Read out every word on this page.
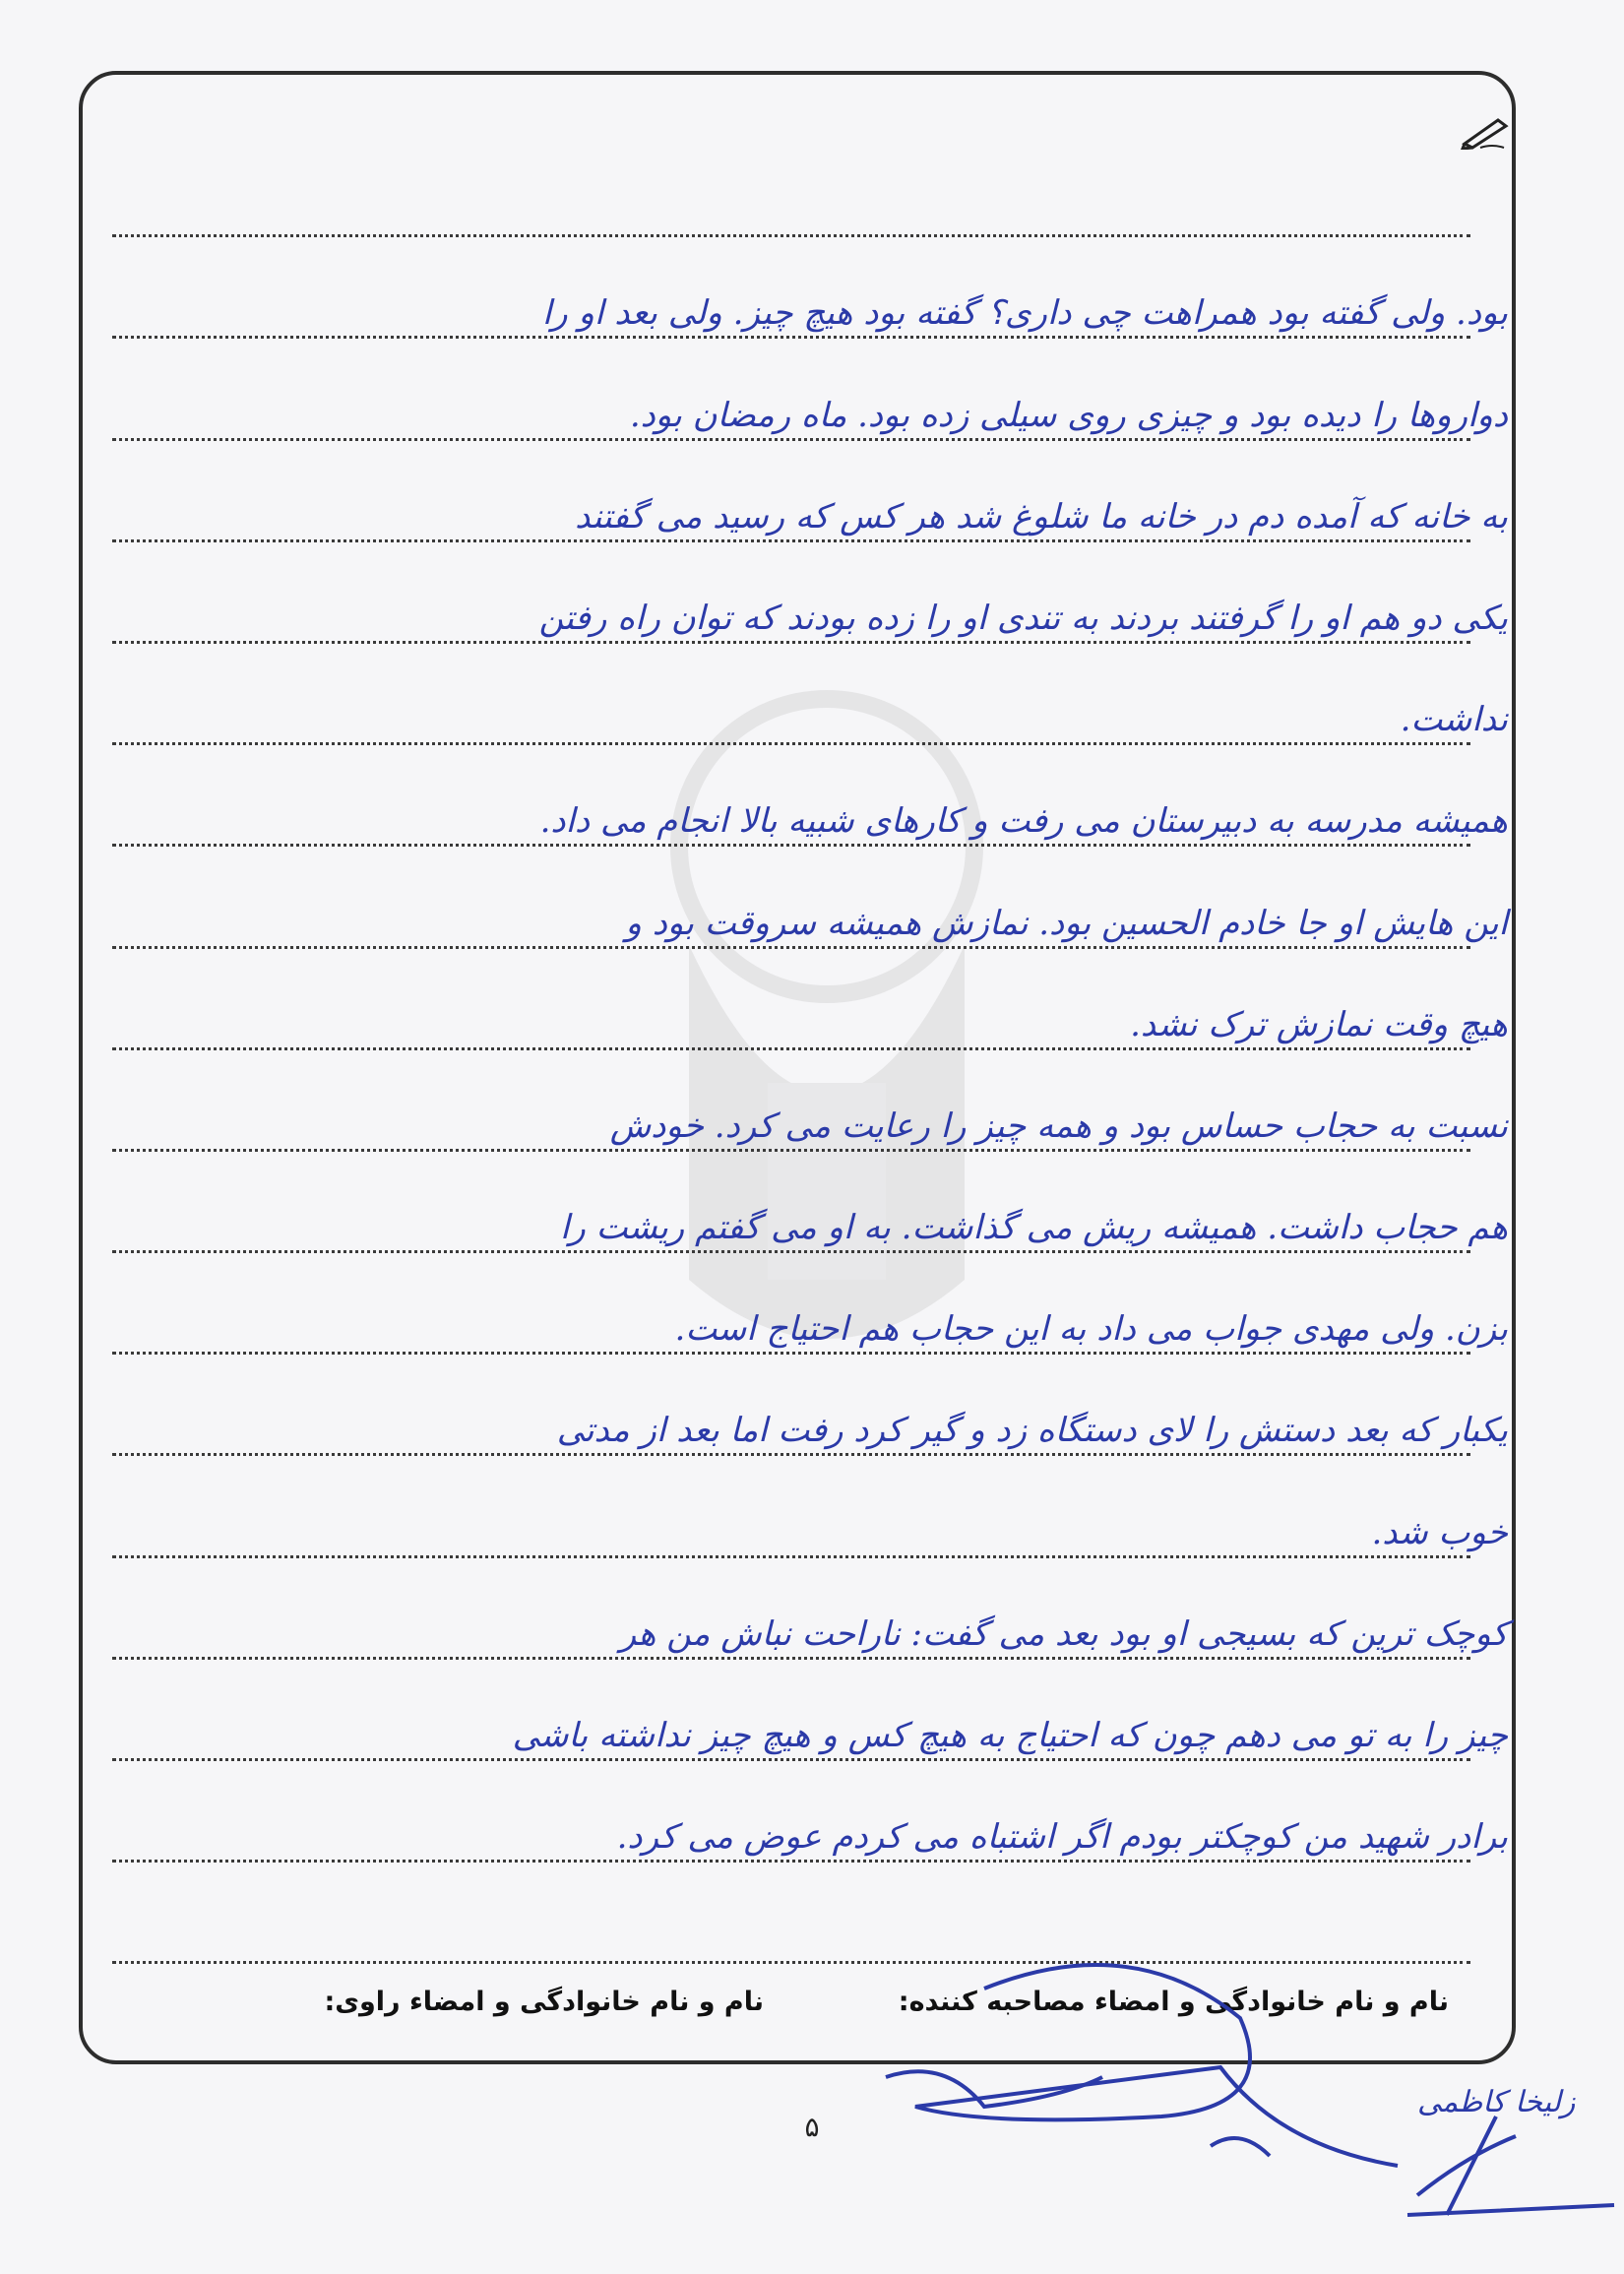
بود. ولی گفته بود همراهت چی داری؟ گفته بود هیچ چیز. ولی بعد او را
دواروها را دیده بود و چیزی روی سیلی زده بود. ماه رمضان بود.
به خانه که آمده دم در خانه ما شلوغ شد هر کس که رسید می گفتند
یکی دو هم او را گرفتند بردند به تندی او را زده بودند که توان راه رفتن
نداشت.
همیشه مدرسه به دبیرستان می رفت و کارهای شبیه بالا انجام می داد.
این هایش او جا خادم الحسین بود. نمازش همیشه سروقت بود و
هیچ وقت نمازش ترک نشد.
نسبت به حجاب حساس بود و همه چیز را رعایت می کرد. خودش
هم حجاب داشت. همیشه ریش می گذاشت. به او می گفتم ریشت را
بزن. ولی مهدی جواب می داد به این حجاب هم احتیاج است.
یکبار که بعد دستش را لای دستگاه زد و گیر کرد رفت اما بعد از مدتی
خوب شد.
کوچک ترین که بسیجی او بود بعد می گفت: ناراحت نباش من هر
چیز را به تو می دهم چون که احتیاج به هیچ کس و هیچ چیز نداشته باشی
برادر شهید من کوچکتر بودم اگر اشتباه می کردم عوض می کرد.
نام و نام خانوادگی و امضاء مصاحبه کننده:
نام و نام خانوادگی و امضاء راوی:
زلیخا کاظمی
۵
